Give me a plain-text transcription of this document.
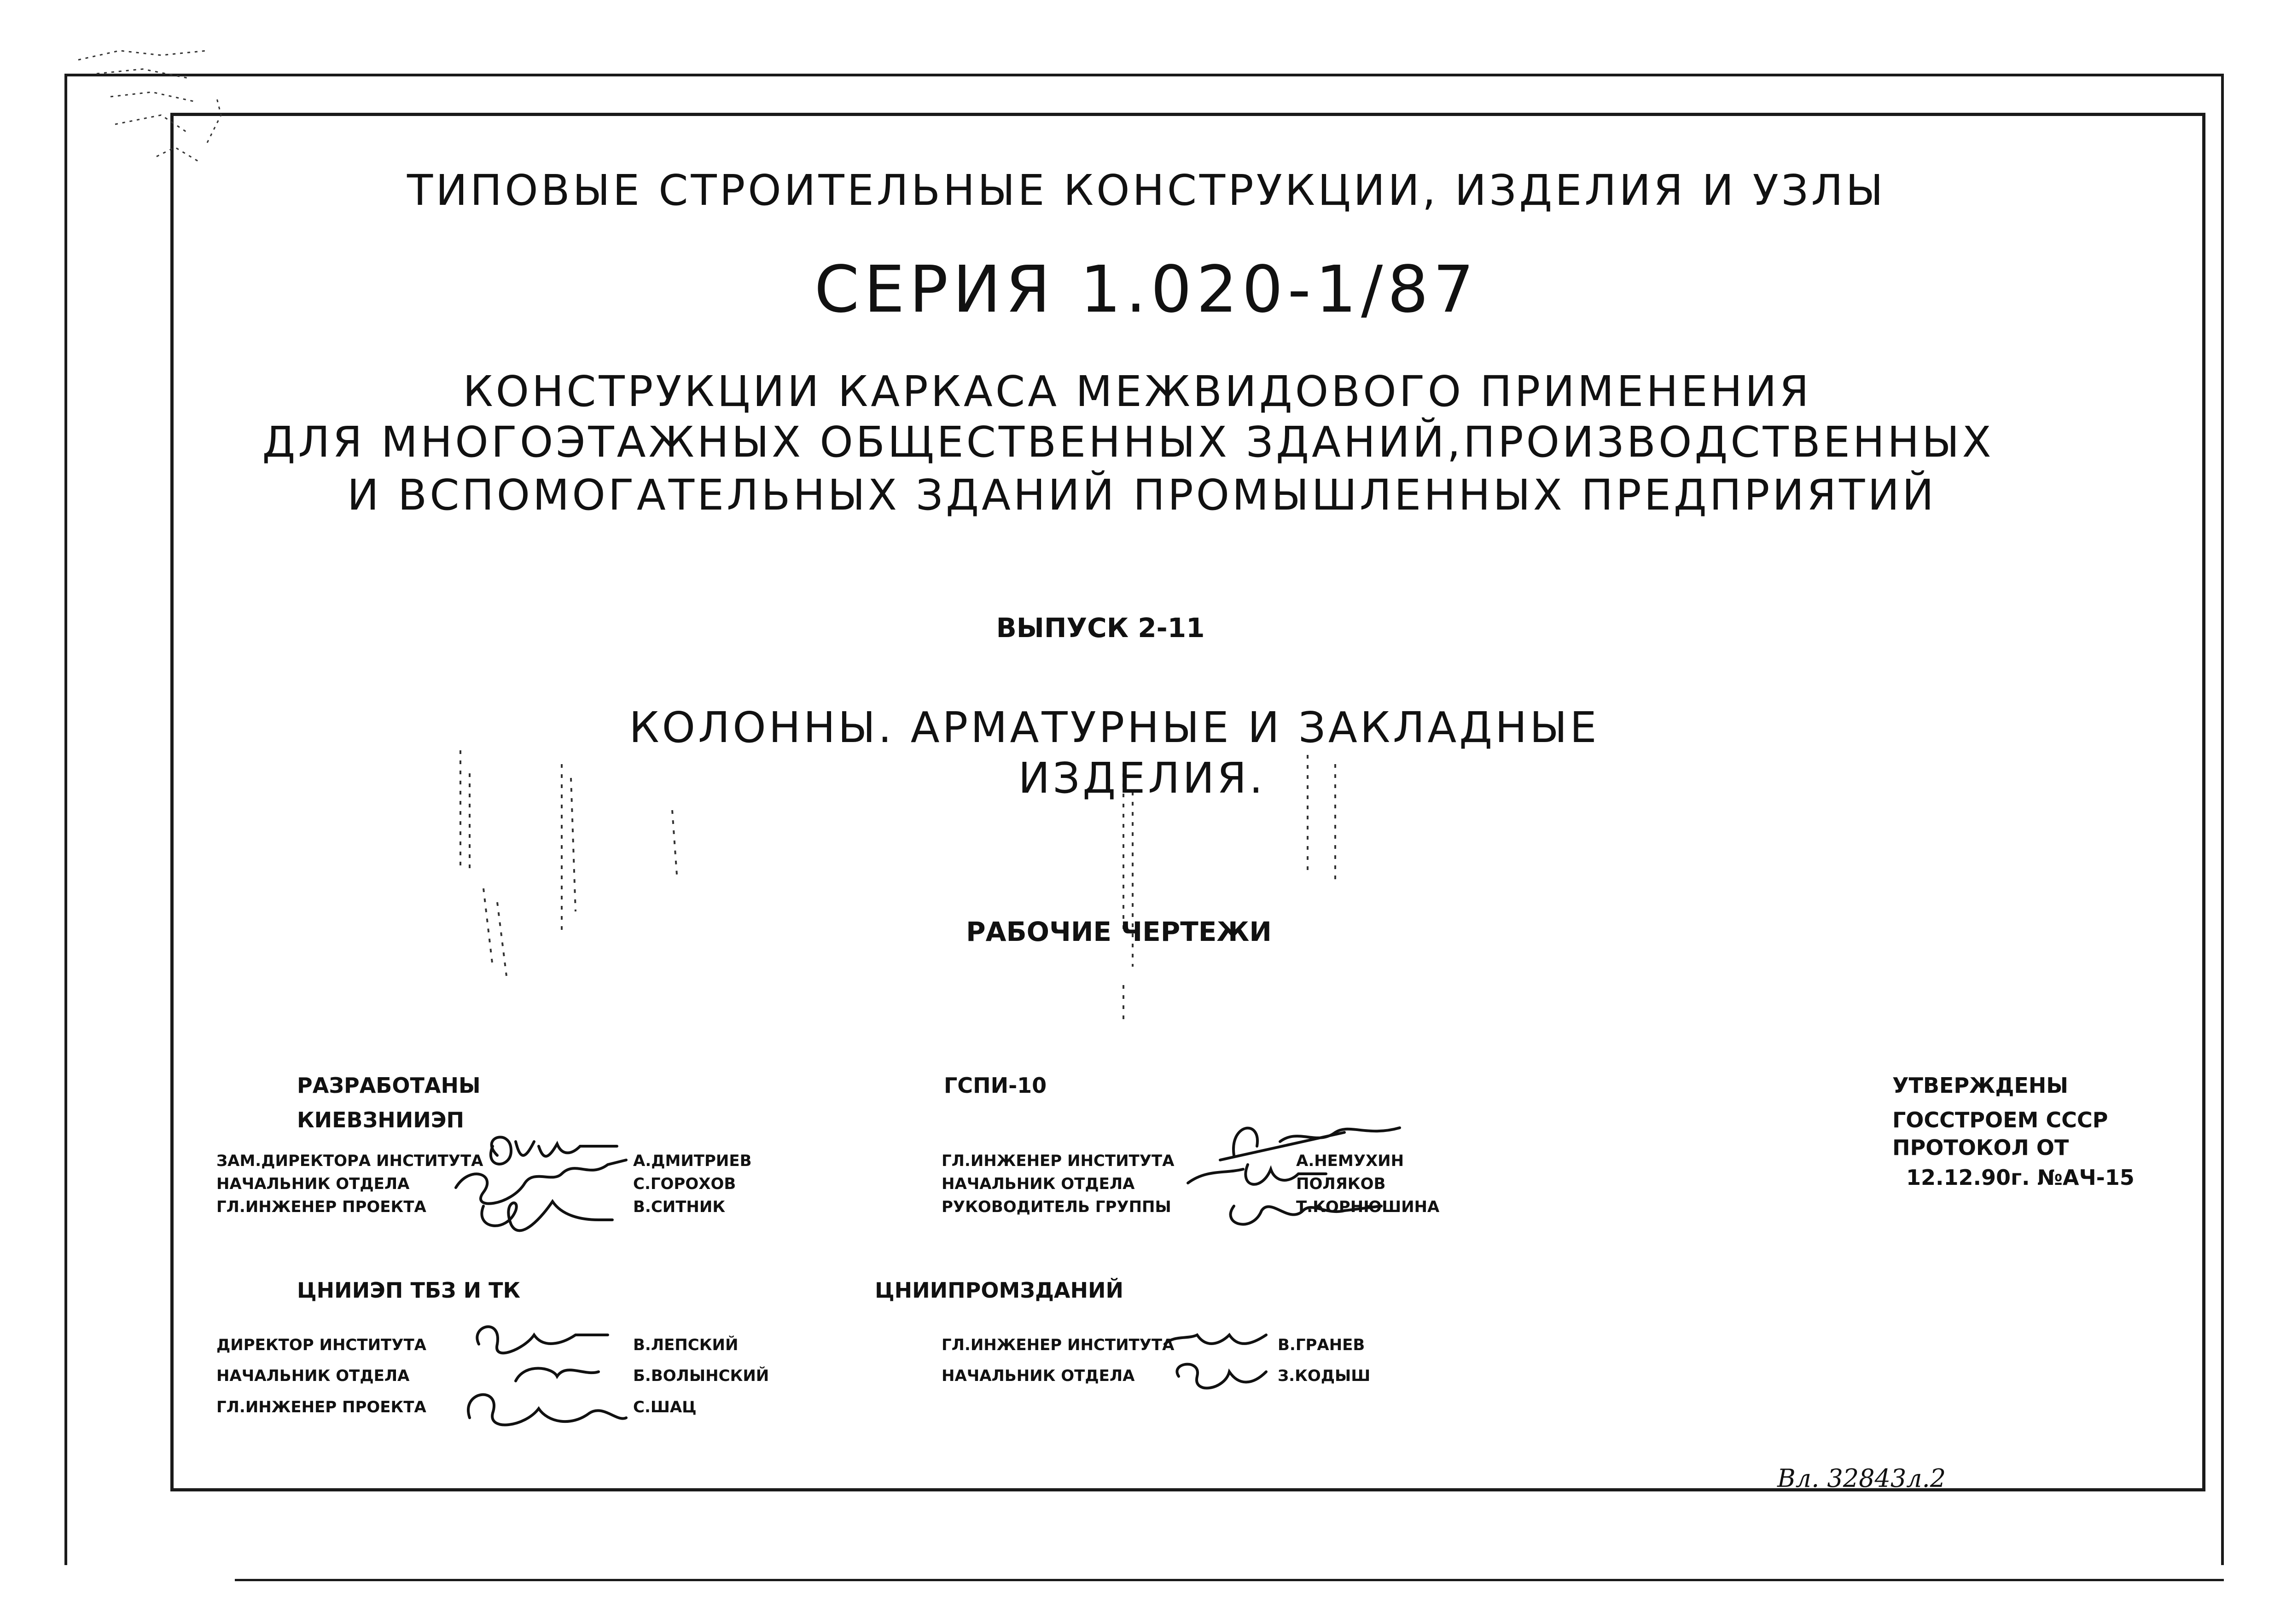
ТИПОВЫЕ СТРОИТЕЛЬНЫЕ КОНСТРУКЦИИ, ИЗДЕЛИЯ И УЗЛЫ
СЕРИЯ 1.020-1/87
КОНСТРУКЦИИ КАРКАСА МЕЖВИДОВОГО ПРИМЕНЕНИЯ
ДЛЯ МНОГОЭТАЖНЫХ ОБЩЕСТВЕННЫХ ЗДАНИЙ,ПРОИЗВОДСТВЕННЫХ
И ВСПОМОГАТЕЛЬНЫХ ЗДАНИЙ ПРОМЫШЛЕННЫХ ПРЕДПРИЯТИЙ
ВЫПУСК 2-11
КОЛОННЫ. АРМАТУРНЫЕ И ЗАКЛАДНЫЕ
ИЗДЕЛИЯ.
РАБОЧИЕ ЧЕРТЕЖИ
РАЗРАБОТАНЫ
КИЕВЗНИИЭП
ЗАМ.ДИРЕКТОРА ИНСТИТУТА	А.ДМИТРИЕВ
НАЧАЛЬНИК ОТДЕЛА	С.ГОРОХОВ
ГЛ.ИНЖЕНЕР ПРОЕКТА	В.СИТНИК
ГСПИ-10
ГЛ.ИНЖЕНЕР ИНСТИТУТА	А.НЕМУХИН
НАЧАЛЬНИК ОТДЕЛА	ПОЛЯКОВ
РУКОВОДИТЕЛЬ ГРУППЫ	Т.КОРНЮШИНА
ЦНИИЭП ТБЗ И ТК
ДИРЕКТОР ИНСТИТУТА	В.ЛЕПСКИЙ
НАЧАЛЬНИК ОТДЕЛА	Б.ВОЛЫНСКИЙ
ГЛ.ИНЖЕНЕР ПРОЕКТА	С.ШАЦ
ЦНИИПРОМЗДАНИЙ
ГЛ.ИНЖЕНЕР ИНСТИТУТА	В.ГРАНЕВ
НАЧАЛЬНИК ОТДЕЛА	З.КОДЫШ
УТВЕРЖДЕНЫ
ГОССТРОЕМ СССР
ПРОТОКОЛ ОТ
12.12.90г. №АЧ-15
Вл. 32843л.2
